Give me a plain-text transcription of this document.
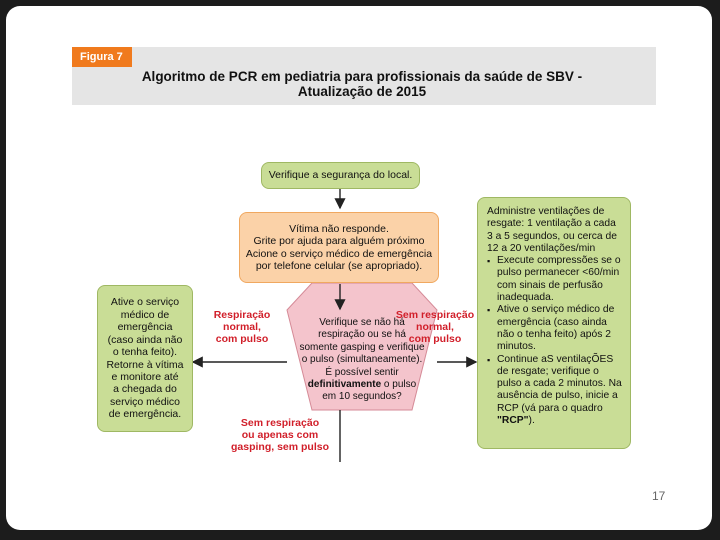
Figura 7
Algoritmo de PCR em pediatria para profissionais da saúde de SBV -
Atualização de 2015
Verifique a segurança do local.
Vítima não responde.
Grite por ajuda para alguém próximo
Acione o serviço médico de emergência
por telefone celular (se apropriado).
Ative o serviço
médico de
emergência
(caso ainda não
o tenha feito).
Retorne à vítima
e monitore até
a chegada do
serviço médico
de emergência.
Verifique se não há
respiração ou se há
somente gasping e verifique
o pulso (simultaneamente).
É possível sentir
definitivamente o pulso
em 10 segundos?
Respiração
normal,
com pulso
Sem respiração
normal,
com pulso
Sem respiração
ou apenas com
gasping, sem pulso
Administre ventilações de resgate: 1 ventilação a cada 3 a 5 segundos, ou cerca de 12 a 20 ventilações/min
▪ Execute compressões se o pulso permanecer <60/min com sinais de perfusão inadequada.
▪ Ative o serviço médico de emergência (caso ainda não o tenha feito) após 2 minutos.
▪ Continue aS ventilaçÕES de resgate; verifique o pulso a cada 2 minutos. Na ausência de pulso, inicie a RCP (vá para o quadro "RCP").
17
